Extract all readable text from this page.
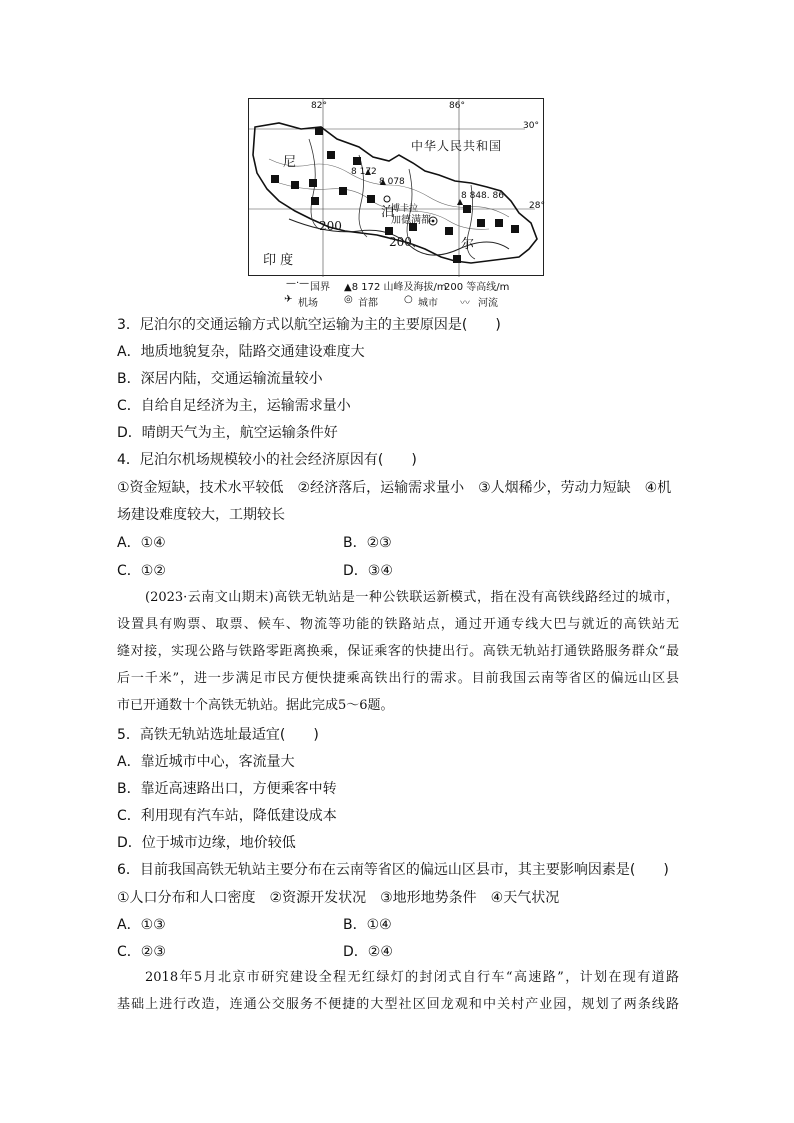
82°	86°
30°
28°
中华人民共和国
尼
泊
尔
印 度
8 172
8 078
8 848. 86
博卡拉
加德满都
200
200
—·— 国界 ▲8 172 山峰及海拔/m
200 等高线/m
✈ 机场	◎ 首都	○ 城市 〰 河流
3．尼泊尔的交通运输方式以航空运输为主的主要原因是(　　)
A．地质地貌复杂，陆路交通建设难度大
B．深居内陆，交通运输流量较小
C．自给自足经济为主，运输需求量小
D．晴朗天气为主，航空运输条件好
4．尼泊尔机场规模较小的社会经济原因有(　　)
①资金短缺，技术水平较低　②经济落后，运输需求量小　③人烟稀少，劳动力短缺　④机
场建设难度较大，工期较长
A．①④	B．②③
C．①②	D．③④
(2023·云南文山期末)高铁无轨站是一种公铁联运新模式，指在没有高铁线路经过的城市，
设置具有购票、取票、候车、物流等功能的铁路站点，通过开通专线大巴与就近的高铁站无
缝对接，实现公路与铁路零距离换乘，保证乘客的快捷出行。高铁无轨站打通铁路服务群众“最
后一千米”，进一步满足市民方便快捷乘高铁出行的需求。目前我国云南等省区的偏远山区县
市已开通数十个高铁无轨站。据此完成5～6题。
5．高铁无轨站选址最适宜(　　)
A．靠近城市中心，客流量大
B．靠近高速路出口，方便乘客中转
C．利用现有汽车站，降低建设成本
D．位于城市边缘，地价较低
6．目前我国高铁无轨站主要分布在云南等省区的偏远山区县市，其主要影响因素是(　　)
①人口分布和人口密度　②资源开发状况　③地形地势条件　④天气状况
A．①③	B．①④
C．②③	D．②④
2018年5月北京市研究建设全程无红绿灯的封闭式自行车“高速路”，计划在现有道路
基础上进行改造，连通公交服务不便捷的大型社区回龙观和中关村产业园，规划了两条线路
